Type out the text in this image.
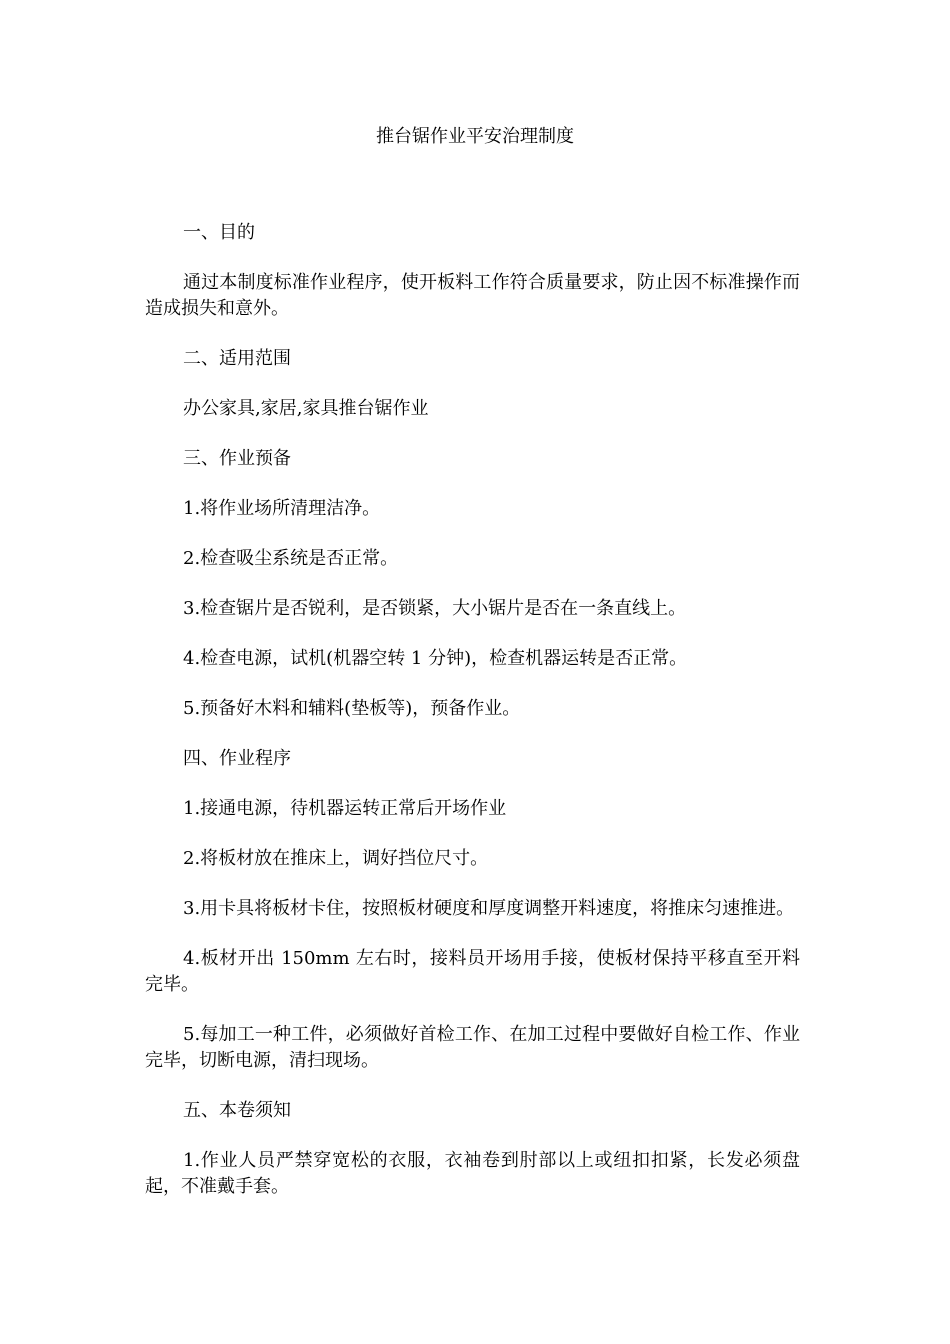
推台锯作业平安治理制度

一、目的

通过本制度标准作业程序，使开板料工作符合质量要求，防止因不标准操作而造成损失和意外。

二、适用范围

办公家具,家居,家具推台锯作业

三、作业预备

1.将作业场所清理洁净。

2.检查吸尘系统是否正常。

3.检查锯片是否锐利，是否锁紧，大小锯片是否在一条直线上。

4.检查电源，试机(机器空转 1 分钟)，检查机器运转是否正常。

5.预备好木料和辅料(垫板等)，预备作业。

四、作业程序

1.接通电源，待机器运转正常后开场作业

2.将板材放在推床上，调好挡位尺寸。

3.用卡具将板材卡住，按照板材硬度和厚度调整开料速度，将推床匀速推进。

4.板材开出 150mm 左右时，接料员开场用手接，使板材保持平移直至开料完毕。

5.每加工一种工件，必须做好首检工作、在加工过程中要做好自检工作、作业完毕，切断电源，清扫现场。

五、本卷须知

1.作业人员严禁穿宽松的衣服，衣袖卷到肘部以上或纽扣扣紧，长发必须盘起，不准戴手套。
